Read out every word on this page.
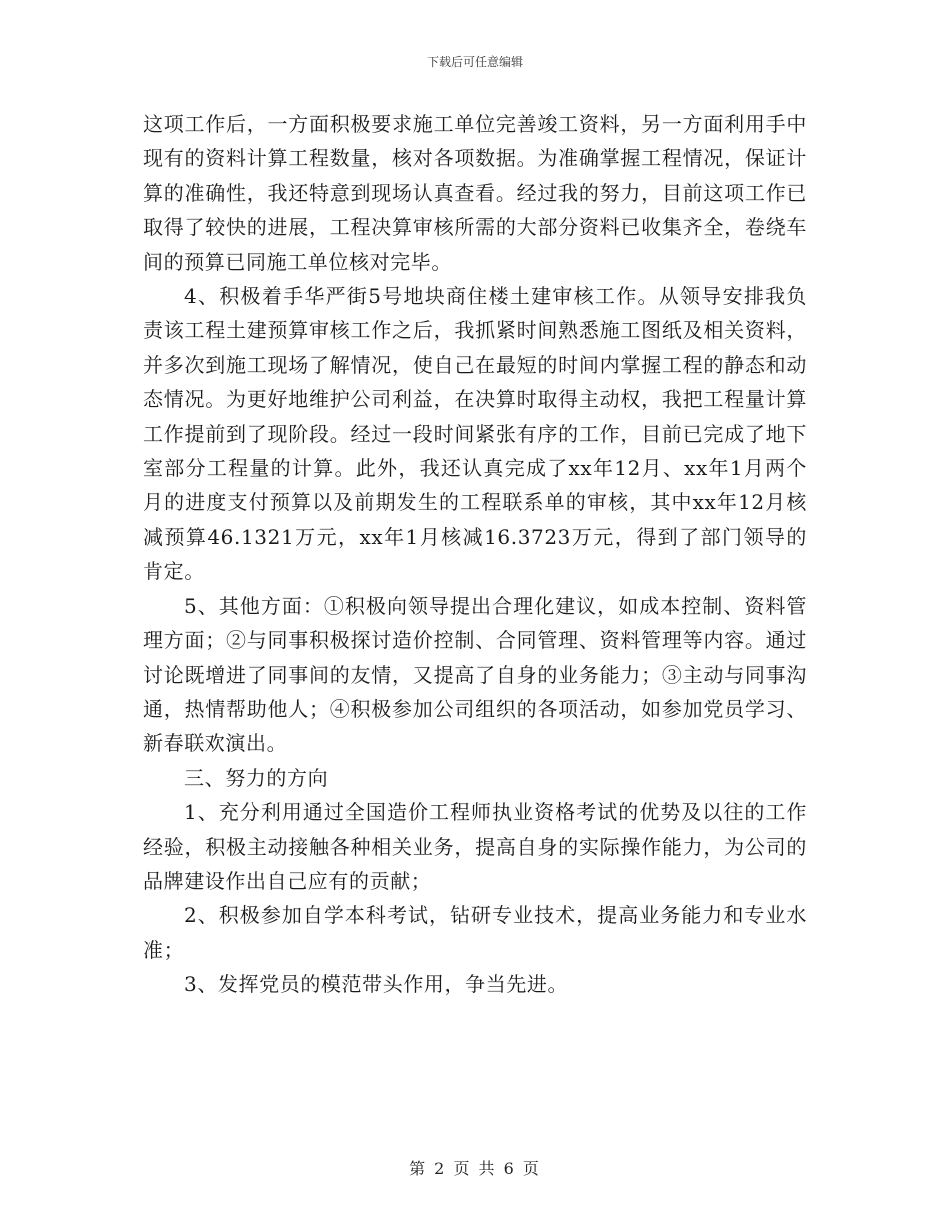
下载后可任意编辑

这项工作后，一方面积极要求施工单位完善竣工资料，另一方面利用手中现有的资料计算工程数量，核对各项数据。为准确掌握工程情况，保证计算的准确性，我还特意到现场认真查看。经过我的努力，目前这项工作已取得了较快的进展，工程决算审核所需的大部分资料已收集齐全，卷绕车间的预算已同施工单位核对完毕。

4、积极着手华严街5号地块商住楼土建审核工作。从领导安排我负责该工程土建预算审核工作之后，我抓紧时间熟悉施工图纸及相关资料，并多次到施工现场了解情况，使自己在最短的时间内掌握工程的静态和动态情况。为更好地维护公司利益，在决算时取得主动权，我把工程量计算工作提前到了现阶段。经过一段时间紧张有序的工作，目前已完成了地下室部分工程量的计算。此外，我还认真完成了xx年12月、xx年1月两个月的进度支付预算以及前期发生的工程联系单的审核，其中xx年12月核减预算46.1321万元，xx年1月核减16.3723万元，得到了部门领导的肯定。

5、其他方面：①积极向领导提出合理化建议，如成本控制、资料管理方面；②与同事积极探讨造价控制、合同管理、资料管理等内容。通过讨论既增进了同事间的友情，又提高了自身的业务能力；③主动与同事沟通，热情帮助他人；④积极参加公司组织的各项活动，如参加党员学习、新春联欢演出。

三、努力的方向

1、充分利用通过全国造价工程师执业资格考试的优势及以往的工作经验，积极主动接触各种相关业务，提高自身的实际操作能力，为公司的品牌建设作出自己应有的贡献；

2、积极参加自学本科考试，钻研专业技术，提高业务能力和专业水准；

3、发挥党员的模范带头作用，争当先进。

第 2 页 共 6 页
